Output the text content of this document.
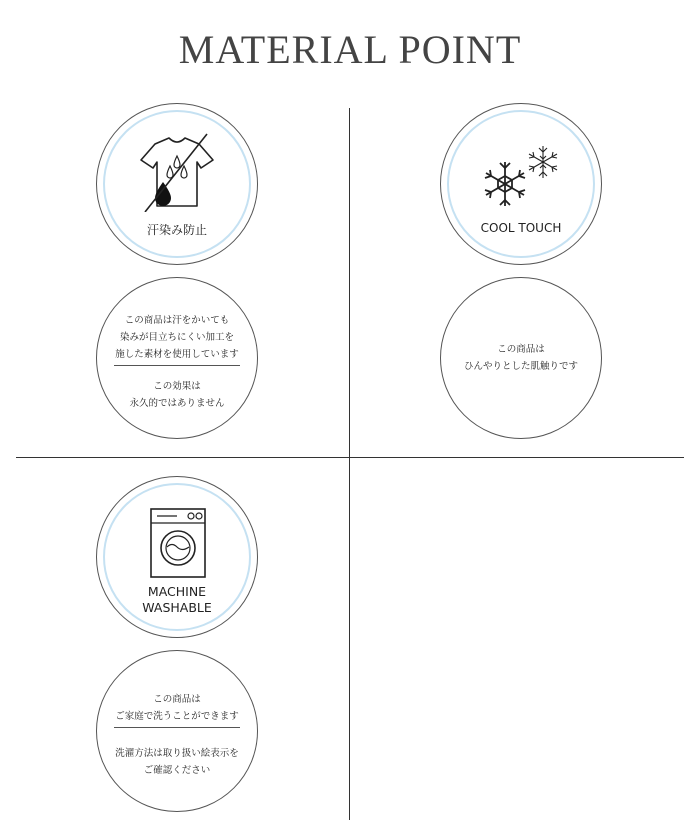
MATERIAL POINT
汗染み防止
この商品は汗をかいても
染みが目立ちにくい加工を
施した素材を使用しています
この効果は
永久的ではありません
COOL TOUCH
この商品は
ひんやりとした肌触りです
MACHINE
WASHABLE
この商品は
ご家庭で洗うことができます
洗濯方法は取り扱い絵表示を
ご確認ください
